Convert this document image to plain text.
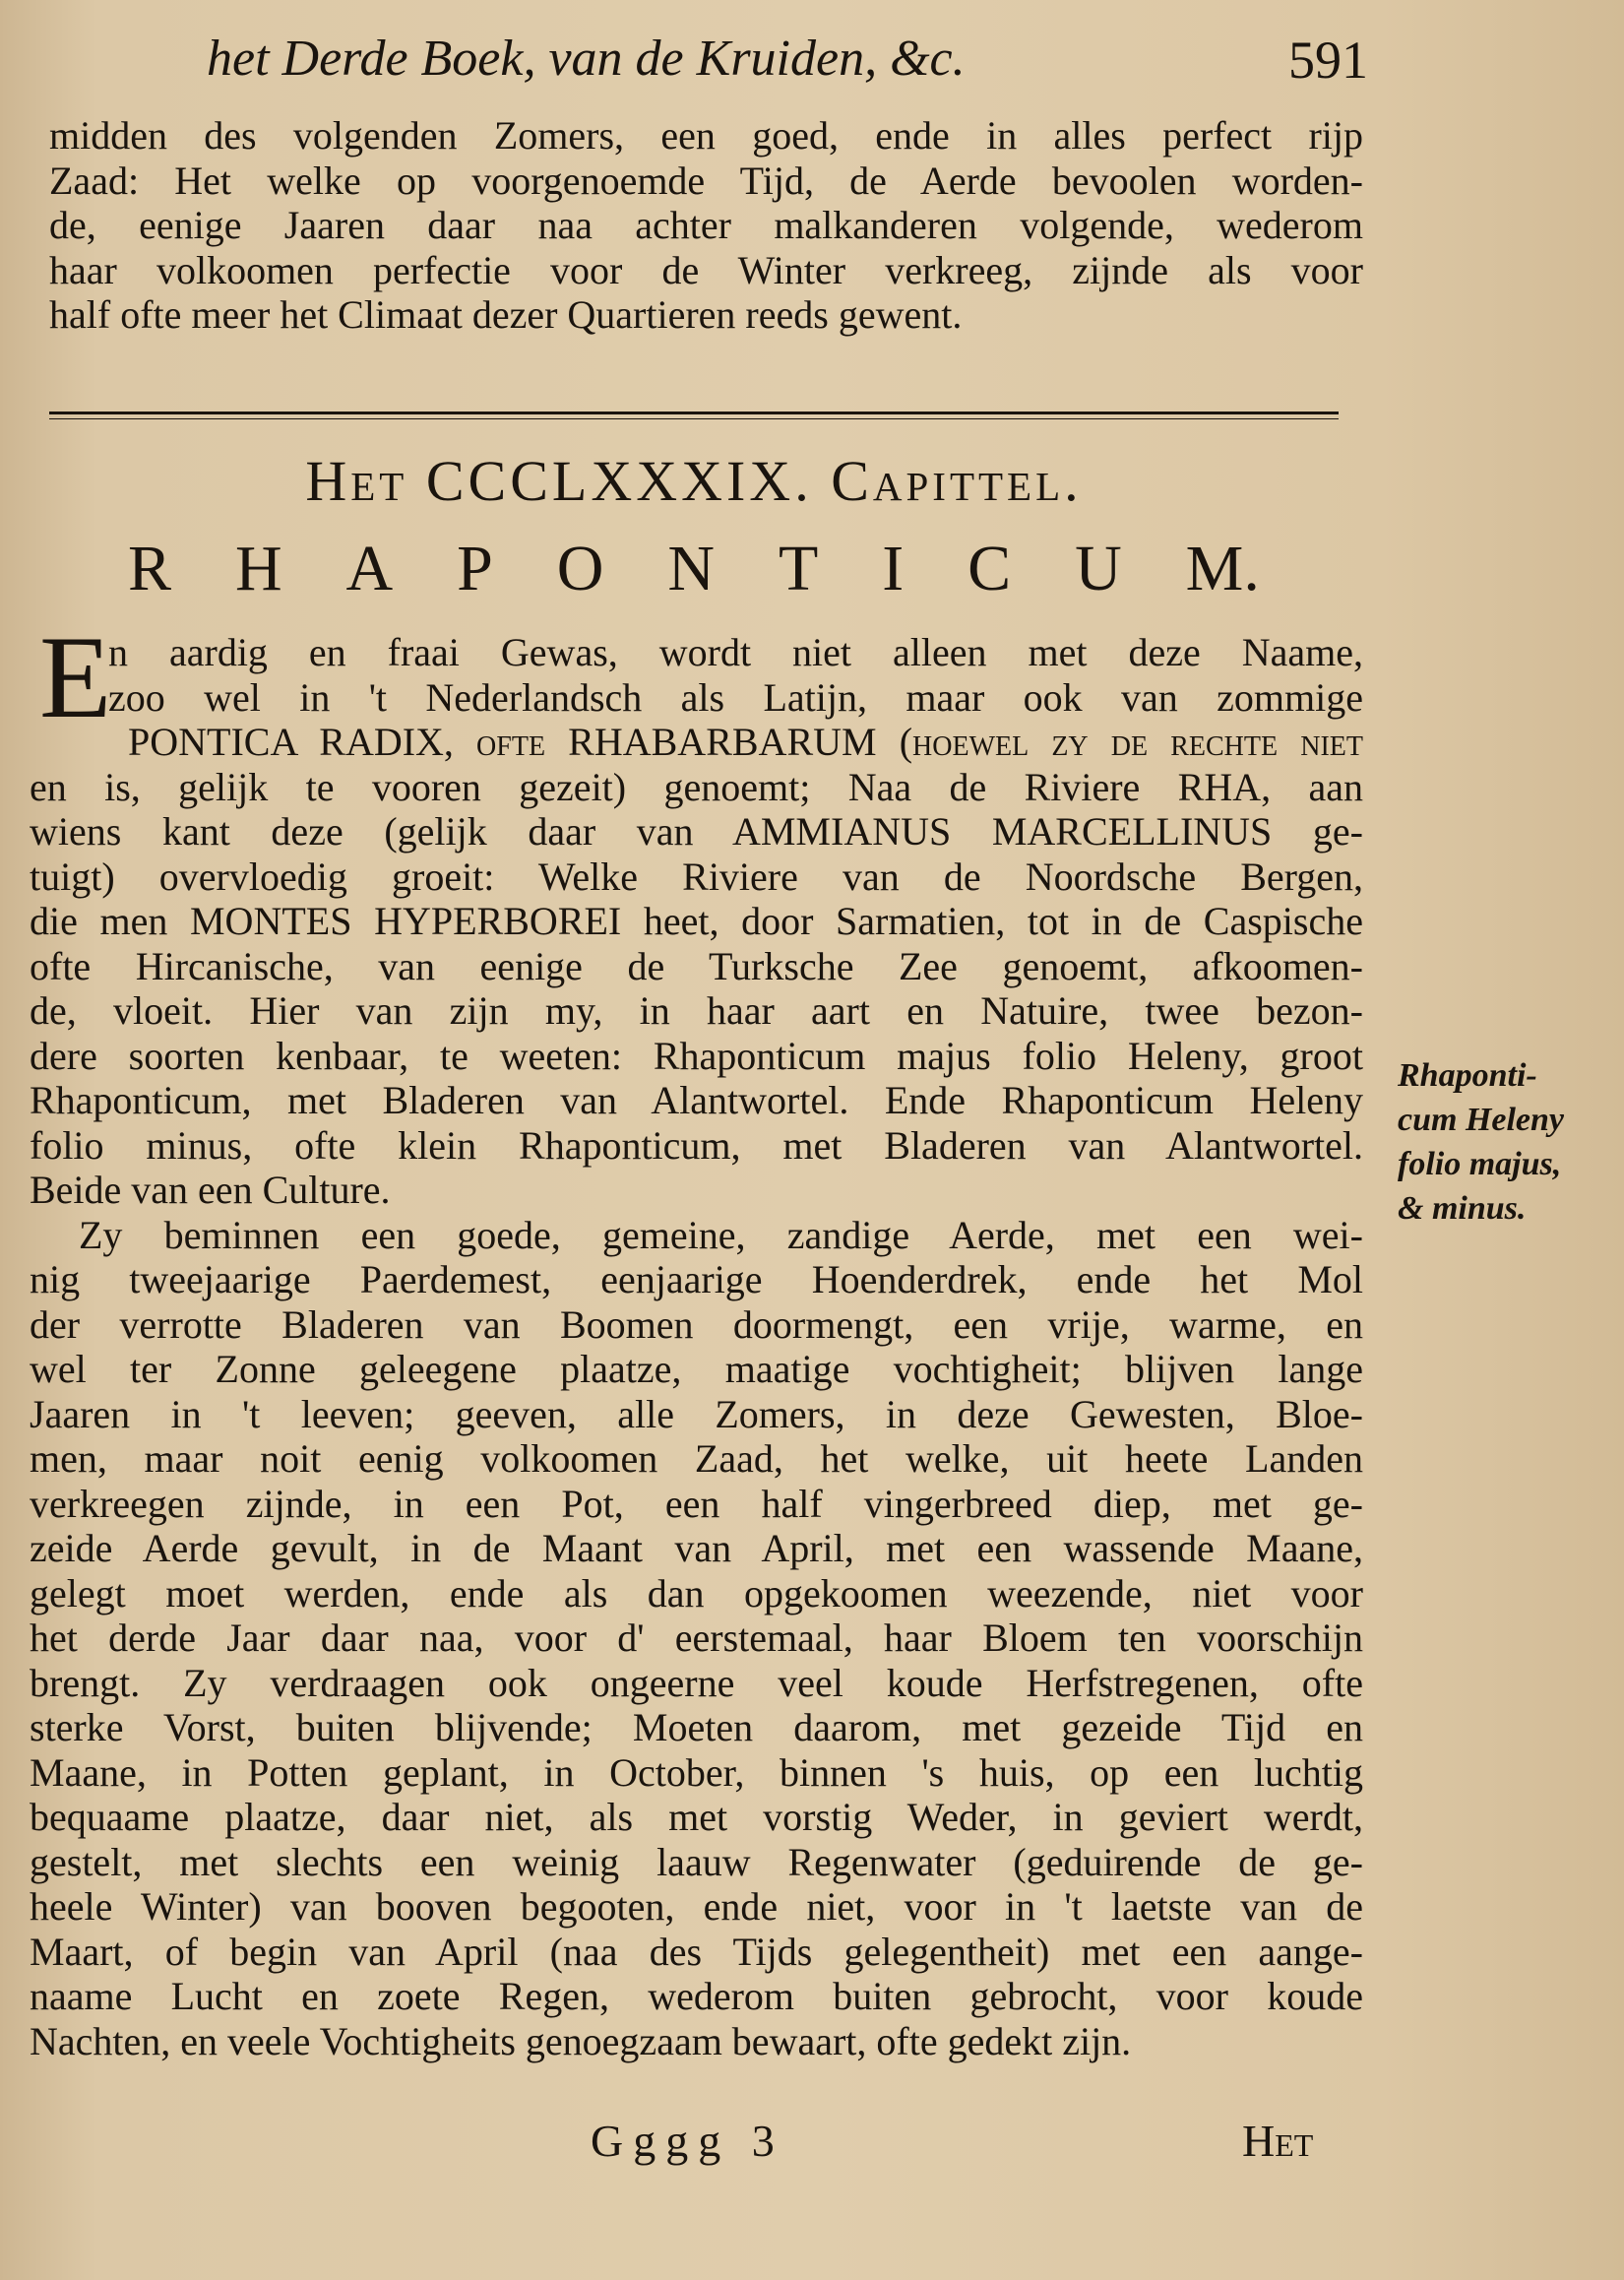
het Derde Boek, van de Kruiden, &c.	591
midden des volgenden Zomers, een goed, ende in alles perfect rijp
Zaad: Het welke op voorgenoemde Tijd, de Aerde bevoolen worden-
de, eenige Jaaren daar naa achter malkanderen volgende, wederom
haar volkoomen perfectie voor de Winter verkreeg, zijnde als voor
half ofte meer het Climaat dezer Quartieren reeds gewent.
Het CCCLXXXIX. Capittel.
R H A P O N T I C U M.
E
n aardig en fraai Gewas, wordt niet alleen met deze Naame,
zoo wel in 't Nederlandsch als Latijn, maar ook van zommige
PONTICA RADIX, ofte RHABARBARUM (hoewel zy de rechte niet
en is, gelijk te vooren gezeit) genoemt; Naa de Riviere RHA, aan
wiens kant deze (gelijk daar van AMMIANUS MARCELLINUS ge-
tuigt) overvloedig groeit: Welke Riviere van de Noordsche Bergen,
die men MONTES HYPERBOREI heet, door Sarmatien, tot in de Caspische
ofte Hircanische, van eenige de Turksche Zee genoemt, afkoomen-
de, vloeit. Hier van zijn my, in haar aart en Natuire, twee bezon-
dere soorten kenbaar, te weeten: Rhaponticum majus folio Heleny, groot
Rhaponticum, met Bladeren van Alantwortel. Ende Rhaponticum Heleny
folio minus, ofte klein Rhaponticum, met Bladeren van Alantwortel.
Beide van een Culture.
Zy beminnen een goede, gemeine, zandige Aerde, met een wei-
nig tweejaarige Paerdemest, eenjaarige Hoenderdrek, ende het Mol
der verrotte Bladeren van Boomen doormengt, een vrije, warme, en
wel ter Zonne geleegene plaatze, maatige vochtigheit; blijven lange
Jaaren in 't leeven; geeven, alle Zomers, in deze Gewesten, Bloe-
men, maar noit eenig volkoomen Zaad, het welke, uit heete Landen
verkreegen zijnde, in een Pot, een half vingerbreed diep, met ge-
zeide Aerde gevult, in de Maant van April, met een wassende Maane,
gelegt moet werden, ende als dan opgekoomen weezende, niet voor
het derde Jaar daar naa, voor d' eerstemaal, haar Bloem ten voorschijn
brengt. Zy verdraagen ook ongeerne veel koude Herfstregenen, ofte
sterke Vorst, buiten blijvende; Moeten daarom, met gezeide Tijd en
Maane, in Potten geplant, in October, binnen 's huis, op een luchtig
bequaame plaatze, daar niet, als met vorstig Weder, in geviert werdt,
gestelt, met slechts een weinig laauw Regenwater (geduirende de ge-
heele Winter) van booven begooten, ende niet, voor in 't laetste van de
Maart, of begin van April (naa des Tijds gelegentheit) met een aange-
naame Lucht en zoete Regen, wederom buiten gebrocht, voor koude
Nachten, en veele Vochtigheits genoegzaam bewaart, ofte gedekt zijn.
Rhaponti-
cum Heleny
folio majus,
& minus.
Gggg 3	Het
